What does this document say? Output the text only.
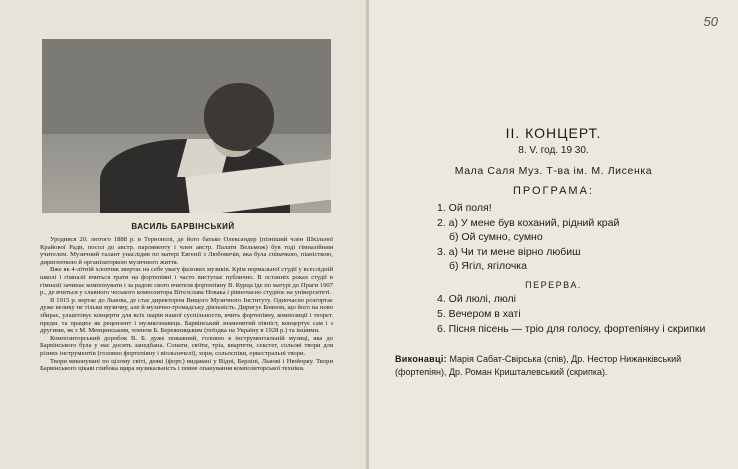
ВАСИЛЬ БАРВІНСЬКИЙ

Уродився 20. лютого 1888 р. в Тернополі, де його батько Олександер (пізніший член Шкільної Крайової Ради, посол до австр. парляменту і член австр. Палати Вельмож) був тоді гімназійним учителем. Музичний талант унаслідив по матері Евгенії з Любовичів, яка була співачкою, піаністкою, диригенткою й організаторкою музичного життя.

Вже як 4-літній хлопчик звертає на себе увагу фахових музиків. Крім нормальної студії у всеслідній школі і гімназії вчиться грати на фортепіяні і часто виступає публично. В останніх роках студії в гімназії зачинає компонувати і за радою свого вчителя фортепіяну В. Курца їде по матурі до Праги 1907 р., де вчиться у славного чеського композитора Вітезслава Новака і рівночасно студіює на університеті.

В 1915 р. вертає до Львова, де стає директором Вищого Музичного Інституту. Одночасно розгортає дуже велику не тільки музичну, але й музично-громадську діяльність. Диригує Бояном, що його на ново збирає, улаштовує концерти для всіх шарів нашої суспільности, вчить фортепіяну, композиції і теорет. предм. та працює як рецензент і музикознавець. Барвінський знаменитий піяніст, концертує сам і з другими, як з М. Менцинським, членом Б. Бережницьким (поїздка на Україну в 1928 р.) та іншими.

Композиторський доробок В. Б. дуже поважний, головно в інструментальній музиці, яка до Барвінського була у нас досить занедбана. Сонати, сюїти, тріа, квартети, секстет, сольові твори для різних інструментів (головно фортепіяну і віольончелі), хори, сольоспіви, оркестральні твори.

Твори виконувані по цілому світі, деякі (форт.) видавані у Відні, Берліні, Львові і Нюйорку. Твори Барвінського цікаві глибока щира музикальність і повне опанування композиторської техніки.

50
II. КОНЦЕРТ.
8. V. год. 19 30.
Мала Саля Муз. Т-ва ім. М. Лисенка
ПРОГРАМА:
1. Ой поля!
2. а) У мене був коханий, рідний край
б) Ой сумно, сумно
3. а) Чи ти мене вірно любиш
б) Ягіл, ягілочка
ПЕРЕРВА.
4. Ой люлі, люлі
5. Вечером в хаті
6. Пісня пісень — тріо для голосу, фортепіяну і скрипки
Виконавці: Марія Сабат-Свірська (спів), Др. Нестор Нижанківський (фортепіян), Др. Роман Кришталевський (скрипка).
